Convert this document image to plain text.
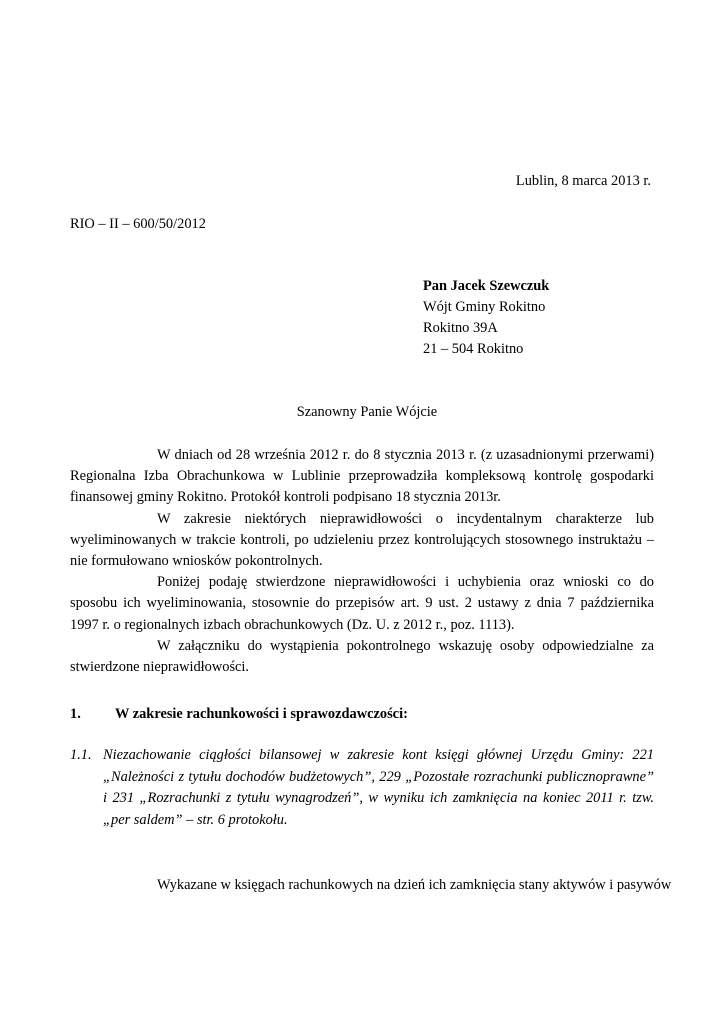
Lublin, 8 marca 2013 r.
RIO – II – 600/50/2012
Pan Jacek Szewczuk
Wójt Gminy Rokitno
Rokitno 39A
21 – 504 Rokitno
Szanowny Panie Wójcie

W dniach od 28 września 2012 r. do 8 stycznia 2013 r. (z uzasadnionymi przerwami) Regionalna Izba Obrachunkowa w Lublinie przeprowadziła kompleksową kontrolę gospodarki finansowej gminy Rokitno. Protokół kontroli podpisano 18 stycznia 2013r.

W zakresie niektórych nieprawidłowości o incydentalnym charakterze lub wyeliminowanych w trakcie kontroli, po udzieleniu przez kontrolujących stosownego instruktażu – nie formułowano wniosków pokontrolnych.

Poniżej podaję stwierdzone nieprawidłowości i uchybienia oraz wnioski co do sposobu ich wyeliminowania, stosownie do przepisów art. 9 ust. 2 ustawy z dnia 7 października 1997 r. o regionalnych izbach obrachunkowych (Dz. U. z 2012 r., poz. 1113).

W załączniku do wystąpienia pokontrolnego wskazuję osoby odpowiedzialne za stwierdzone nieprawidłowości.

1. W zakresie rachunkowości i sprawozdawczości:
1.1. Niezachowanie ciągłości bilansowej w zakresie kont księgi głównej Urzędu Gminy: 221 „Należności z tytułu dochodów budżetowych”, 229 „Pozostałe rozrachunki publicznoprawne” i 231 „Rozrachunki z tytułu wynagrodzeń”, w wyniku ich zamknięcia na koniec 2011 r. tzw. „per saldem” – str. 6 protokołu.
Wykazane w księgach rachunkowych na dzień ich zamknięcia stany aktywów i pasywów
